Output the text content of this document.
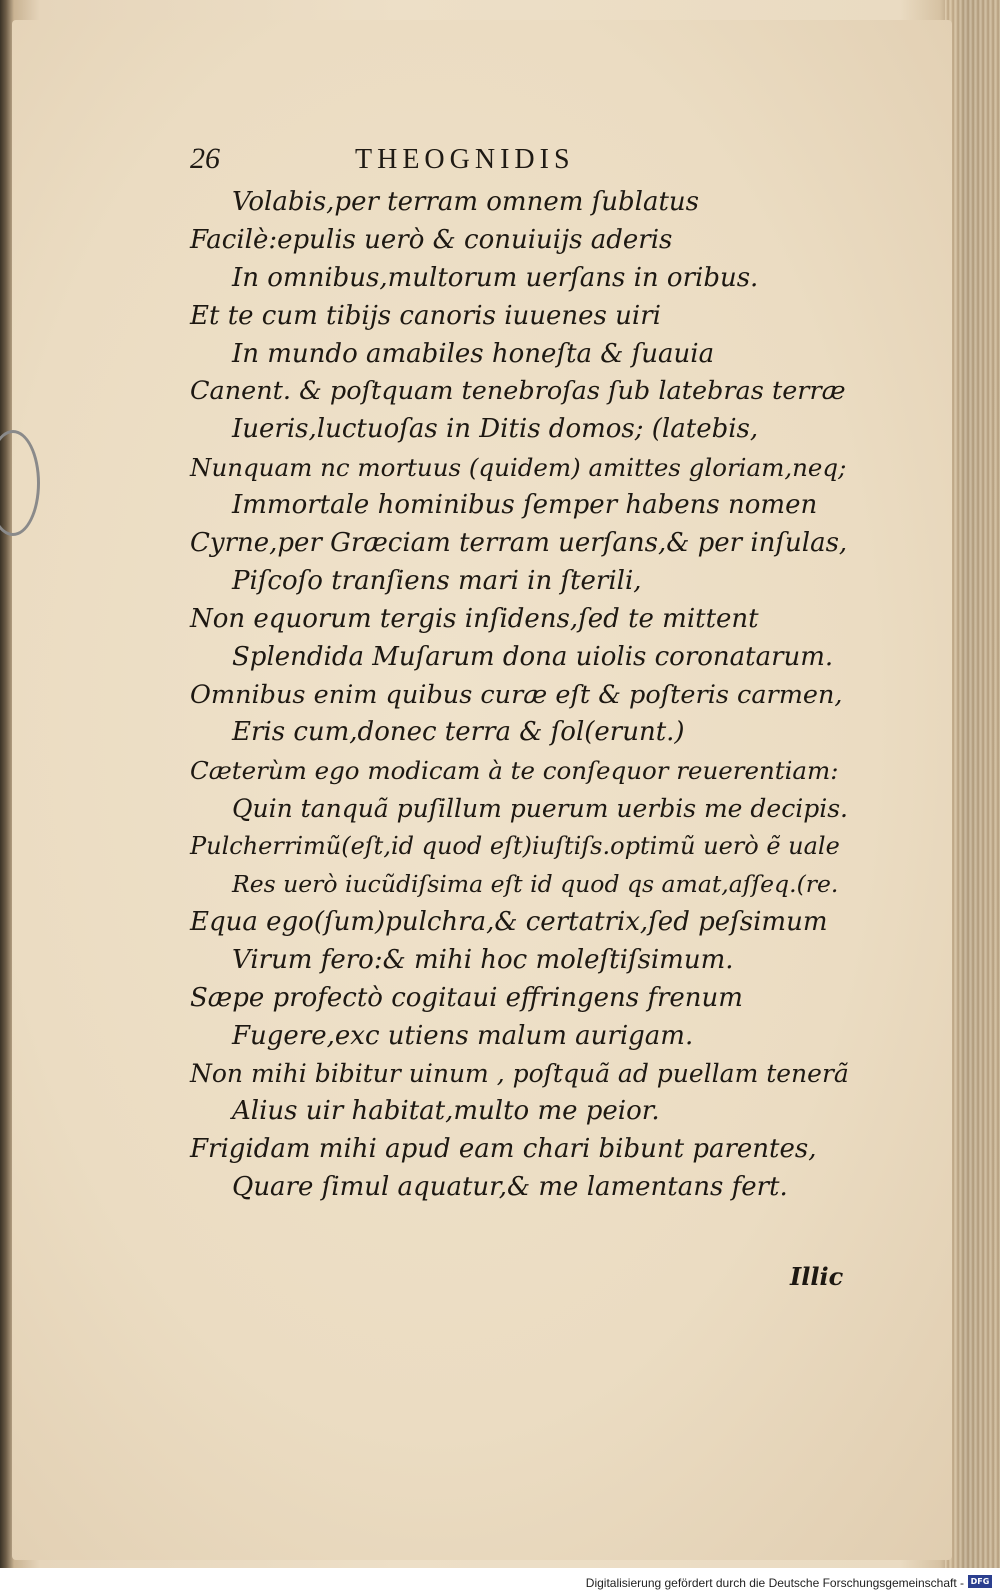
26	THEOGNIDIS
Volabis,per terram omnem ſublatus
Facilè:epulis uerò & conuiuijs aderis
In omnibus,multorum uerſans in oribus.
Et te cum tibijs canoris iuuenes uiri
In mundo amabiles honeſta & ſuauia
Canent. & poſtquam tenebroſas ſub latebras terræ
Iueris,luctuoſas in Ditis domos; (latebis,
Nunquam nc mortuus (quidem) amittes gloriam,neq;
Immortale hominibus ſemper habens nomen
Cyrne,per Græciam terram uerſans,& per inſulas,
Piſcoſo tranſiens mari in ſterili,
Non equorum tergis inſidens,ſed te mittent
Splendida Muſarum dona uiolis coronatarum.
Omnibus enim quibus curæ eſt & poſteris carmen,
Eris cum,donec terra & ſol(erunt.)
Cæterùm ego modicam à te conſequor reuerentiam:
Quin tanquã puſillum puerum uerbis me decipis.
Pulcherrimũ(eſt,id quod eſt)iuſtiſs.optimũ uerò ẽ uale
Res uerò iucũdiſsima eſt id quod qs amat,aſſeq.(re.
Equa ego(ſum)pulchra,& certatrix,ſed peſsimum
Virum fero:& mihi hoc moleſtiſsimum.
Sæpe profectò cogitaui effringens frenum
Fugere,exc utiens malum aurigam.
Non mihi bibitur uinum , poſtquã ad puellam tenerã
Alius uir habitat,multo me peior.
Frigidam mihi apud eam chari bibunt parentes,
Quare ſimul aquatur,& me lamentans fert.
Illic
Digitalisierung gefördert durch die Deutsche Forschungsgemeinschaft - DFG
